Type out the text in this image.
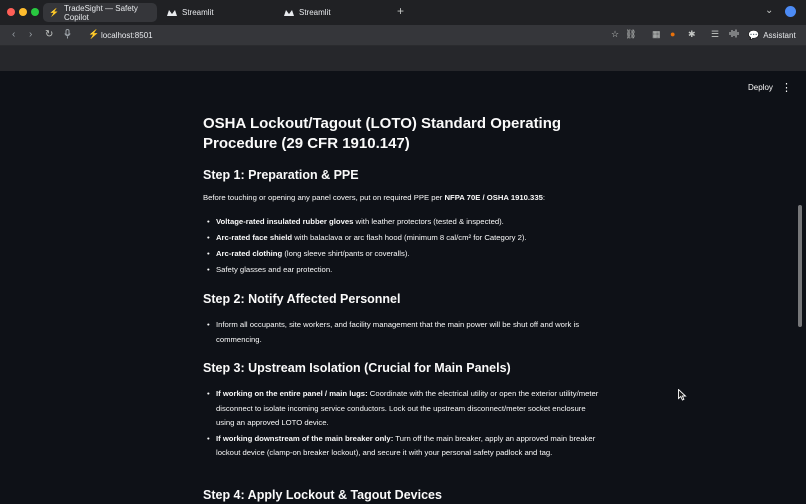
⚡ TradeSight — Safety Copilot	Streamlit	Streamlit	+	⌄
‹ › ↻	⚡ localhost:8501	☆ ⛓ ▦ ● ✱ ☰	💬 Assistant
Deploy ⋮
OSHA Lockout/Tagout (LOTO) Standard Operating Procedure (29 CFR 1910.147)
Step 1: Preparation & PPE

Before touching or opening any panel covers, put on required PPE per NFPA 70E / OSHA 1910.335:

• Voltage-rated insulated rubber gloves with leather protectors (tested & inspected).
• Arc-rated face shield with balaclava or arc flash hood (minimum 8 cal/cm² for Category 2).
• Arc-rated clothing (long sleeve shirt/pants or coveralls).
• Safety glasses and ear protection.
Step 2: Notify Affected Personnel
• Inform all occupants, site workers, and facility management that the main power will be shut off and work is commencing.
Step 3: Upstream Isolation (Crucial for Main Panels)
• If working on the entire panel / main lugs: Coordinate with the electrical utility or open the exterior utility/meter disconnect to isolate incoming service conductors. Lock out the upstream disconnect/meter socket enclosure using an approved LOTO device.
• If working downstream of the main breaker only: Turn off the main breaker, apply an approved main breaker lockout device (clamp-on breaker lockout), and secure it with your personal safety padlock and tag.
Step 4: Apply Lockout & Tagout Devices
